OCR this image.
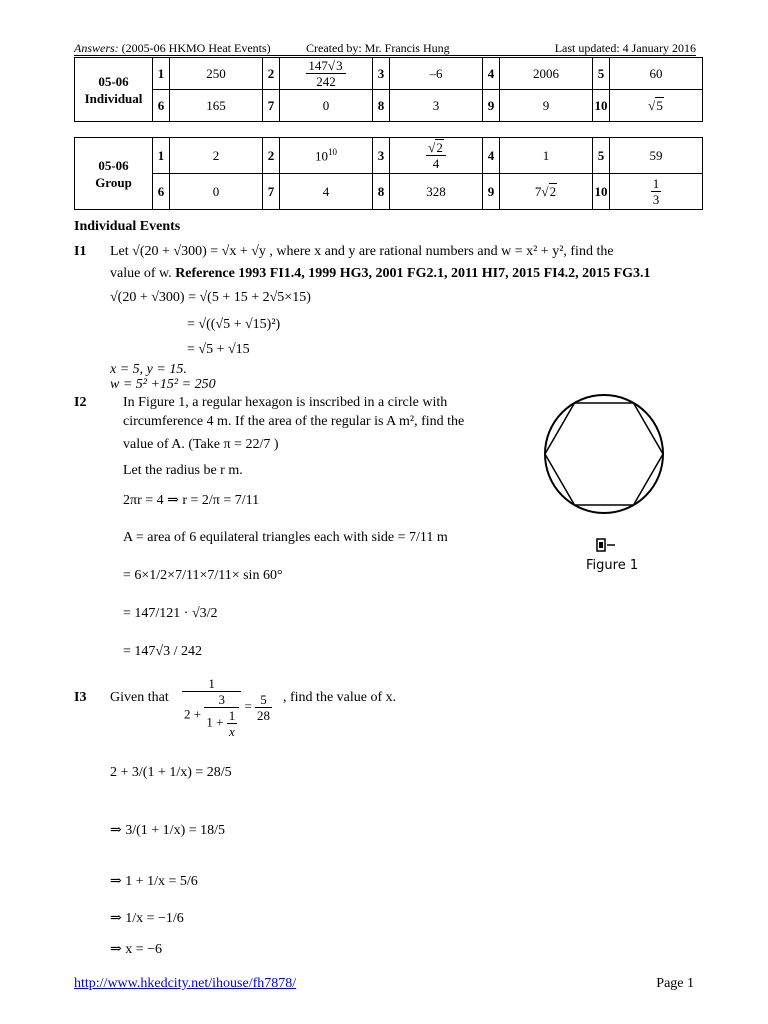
Answers: (2005-06 HKMO Heat Events)	Created by: Mr. Francis Hung	Last updated: 4 January 2016
05-06
Individual	1	250	2	$\frac{147√3}{242}$	3	–6	4	2006	5	60
	6	165	7	0	8	3	9	9	10	√5
05-06
Group	1	2	2	$10^{10}$	3	$\frac{√2}{4}$	4	1	5	59
	6	0	7	4	8	328	9	7√2	10	$\frac{1}{3}$
Individual Events
I1 Let √(20 + √300) = √x + √y , where x and y are rational numbers and w = x² + y², find the
value of w. Reference 1993 FI1.4, 1999 HG3, 2001 FG2.1, 2011 HI7, 2015 FI4.2, 2015 FG3.1
√(20 + √300) = √(5 + 15 + 2√5×15)
= √((√5 + √15)²)
= √5 + √15
x = 5, y = 15.
w = 5² +15² = 250
I2	In Figure 1, a regular hexagon is inscribed in a circle with
circumference 4 m. If the area of the regular is A m², find the
value of A. (Take π = 22/7 )
Let the radius be r m.
2πr = 4 ⇒ r = 2/π = 7/11
A = area of 6 equilateral triangles each with side = 7/11 m
= 6×1/2×7/11×7/11× sin 60°
= 147/121 · √3/2
= 147√3 / 242
Figure 1
I3 Given that $\frac{1}{2 + \frac{3}{1 + \frac{1}{x}}} = \frac{5}{28}$ , find the value of x.
2 + 3/(1 + 1/x) = 28/5
⇒ 3/(1 + 1/x) = 18/5
⇒ 1 + 1/x = 5/6
⇒ 1/x = −1/6
⇒ x = −6
http://www.hkedcity.net/ihouse/fh7878/	Page 1
